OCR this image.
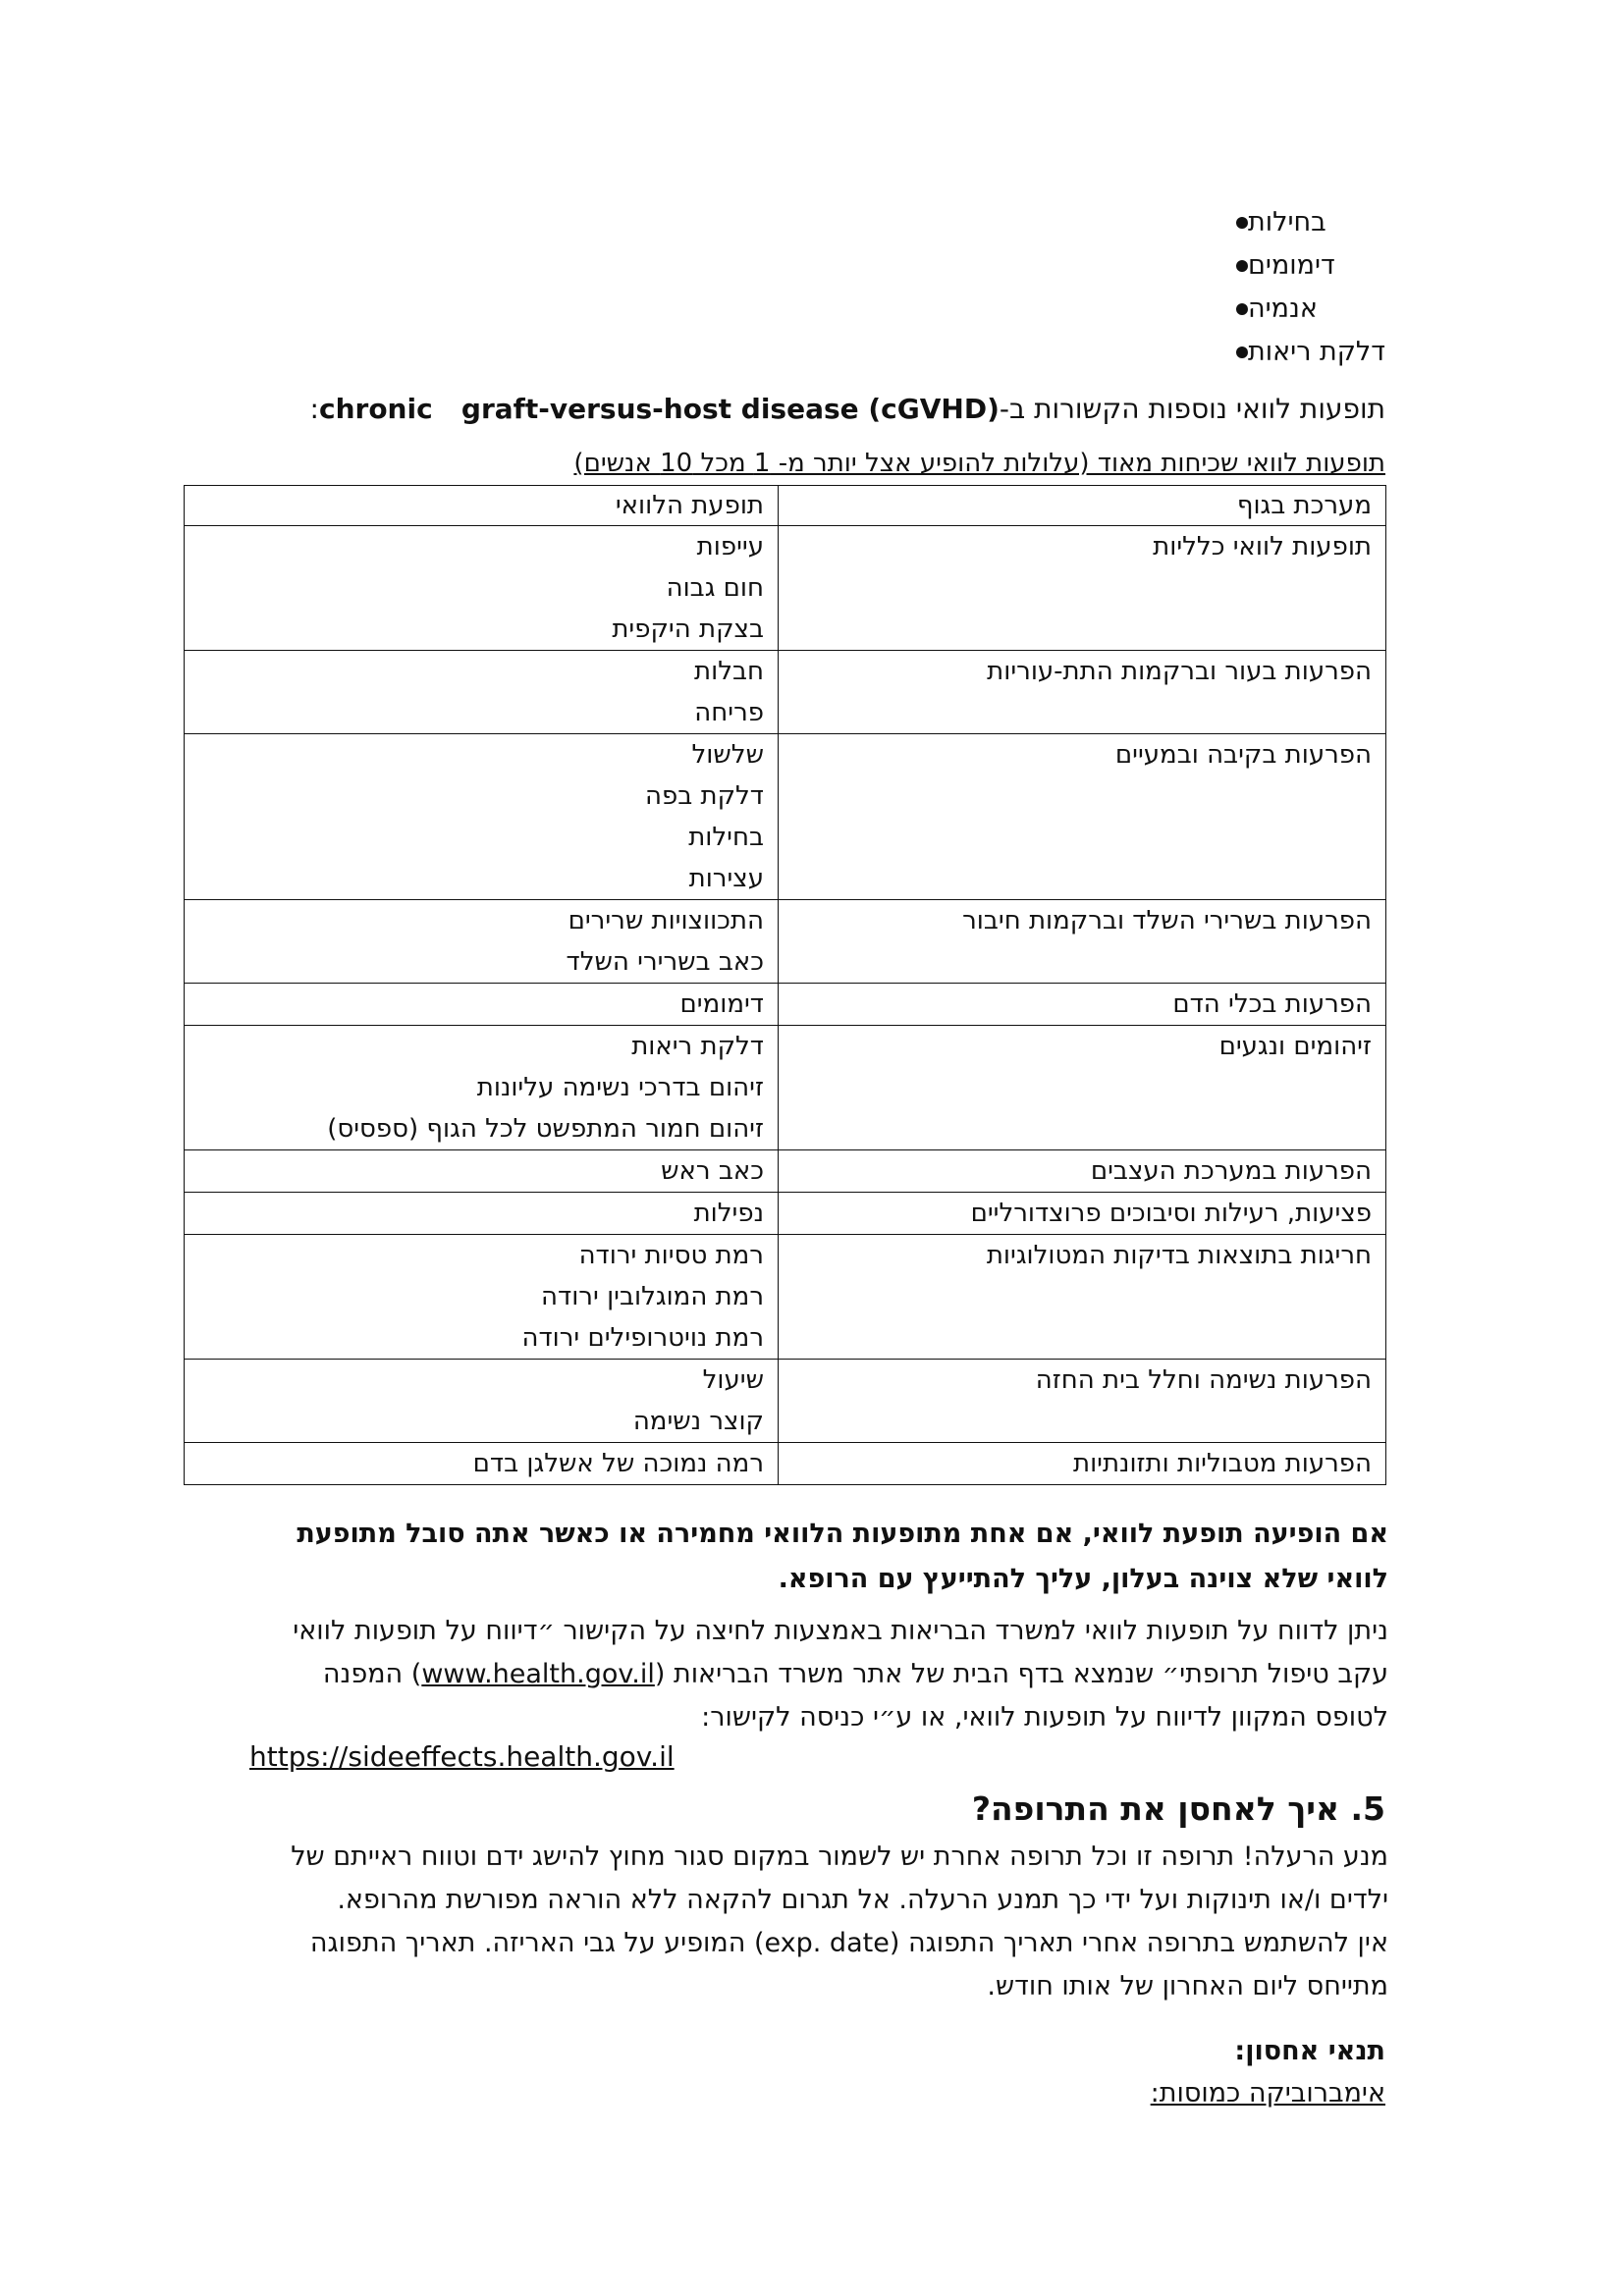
בחילות
דימומים
אנמיה
דלקת ריאות
תופעות לוואי נוספות הקשורות ב-chronic   graft-versus-host disease (cGVHD):
תופעות לוואי שכיחות מאוד (עלולות להופיע אצל יותר מ- 1 מכל 10 אנשים)
מערכת בגוף	תופעת הלוואי
תופעות לוואי כלליות	עייפות
חום גבוה
בצקת היקפית

הפרעות בעור וברקמות התת-עוריות	חבלות
פריחה

הפרעות בקיבה ובמעיים	שלשול
דלקת בפה
בחילות
עצירות

הפרעות בשרירי השלד וברקמות חיבור	התכווצויות שרירים
כאב בשרירי השלד

הפרעות בכלי הדם	דימומים

זיהומים ונגעים	דלקת ריאות
זיהום בדרכי נשימה עליונות
זיהום חמור המתפשט לכל הגוף (ספסיס)

הפרעות במערכת העצבים	כאב ראש

פציעות, רעילות וסיבוכים פרוצדורליים	נפילות

חריגות בתוצאות בדיקות המטולוגיות	רמת טסיות ירודה
רמת המוגלובין ירודה
רמת נויטרופילים ירודה

הפרעות נשימה וחלל בית החזה	שיעול
קוצר נשימה

הפרעות מטבוליות ותזונתיות	רמה נמוכה של אשלגן בדם
אם הופיעה תופעת לוואי, אם אחת מתופעות הלוואי מחמירה או כאשר אתה סובל מתופעת לוואי שלא צוינה בעלון, עליך להתייעץ עם הרופא.
ניתן לדווח על תופעות לוואי למשרד הבריאות באמצעות לחיצה על הקישור ״דיווח על תופעות לוואי עקב טיפול תרופתי״ שנמצא בדף הבית של אתר משרד הבריאות (www.health.gov.il) המפנה לטופס המקוון לדיווח על תופעות לוואי, או ע״י כניסה לקישור:
https://sideeffects.health.gov.il
5. איך לאחסן את התרופה?

מנע הרעלה! תרופה זו וכל תרופה אחרת יש לשמור במקום סגור מחוץ להישג ידם וטווח ראייתם של ילדים ו/או תינוקות ועל ידי כך תמנע הרעלה. אל תגרום להקאה ללא הוראה מפורשת מהרופא.

אין להשתמש בתרופה אחרי תאריך התפוגה (exp. date) המופיע על גבי האריזה. תאריך התפוגה מתייחס ליום האחרון של אותו חודש.

תנאי אחסון:
אימברוביקה כמוסות:
